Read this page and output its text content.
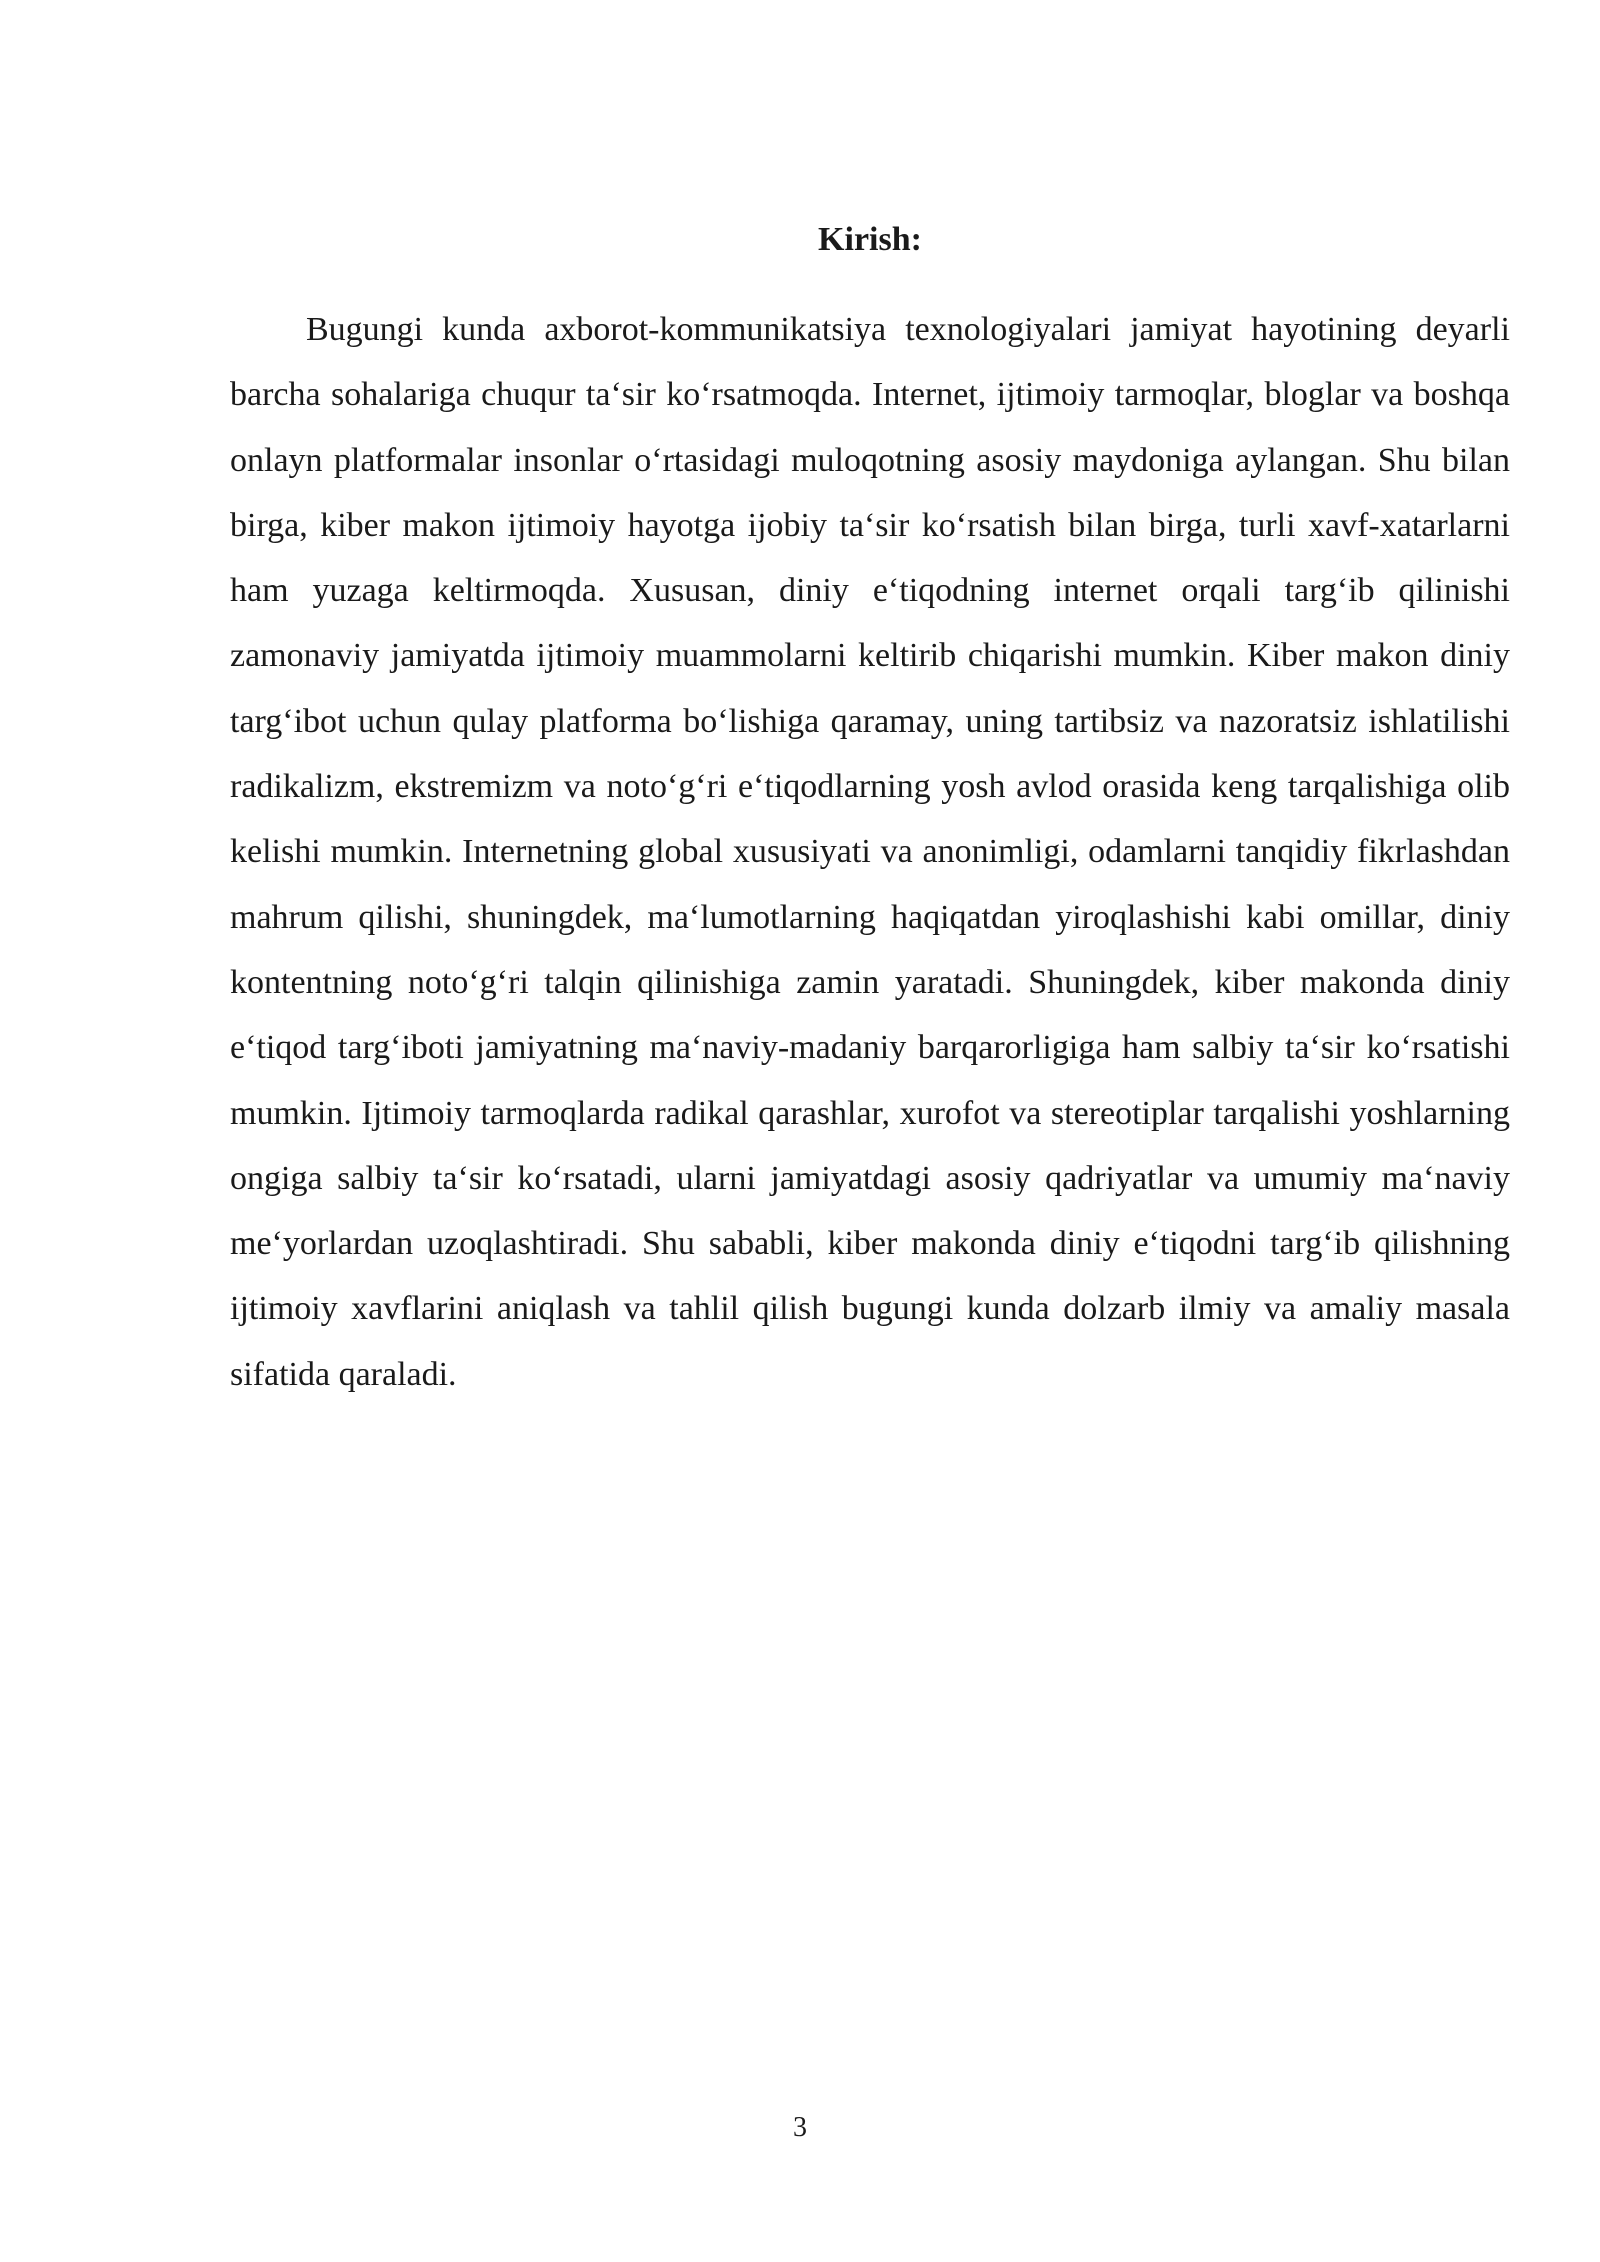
Kirish:

Bugungi kunda axborot-kommunikatsiya texnologiyalari jamiyat hayotining deyarli barcha sohalariga chuqur ta‘sir ko‘rsatmoqda. Internet, ijtimoiy tarmoqlar, bloglar va boshqa onlayn platformalar insonlar o‘rtasidagi muloqotning asosiy maydoniga aylangan. Shu bilan birga, kiber makon ijtimoiy hayotga ijobiy ta‘sir ko‘rsatish bilan birga, turli xavf-xatarlarni ham yuzaga keltirmoqda. Xususan, diniy e‘tiqodning internet orqali targ‘ib qilinishi zamonaviy jamiyatda ijtimoiy muammolarni keltirib chiqarishi mumkin. Kiber makon diniy targ‘ibot uchun qulay platforma bo‘lishiga qaramay, uning tartibsiz va nazoratsiz ishlatilishi radikalizm, ekstremizm va noto‘g‘ri e‘tiqodlarning yosh avlod orasida keng tarqalishiga olib kelishi mumkin. Internetning global xususiyati va anonimligi, odamlarni tanqidiy fikrlashdan mahrum qilishi, shuningdek, ma‘lumotlarning haqiqatdan yiroqlashishi kabi omillar, diniy kontentning noto‘g‘ri talqin qilinishiga zamin yaratadi. Shuningdek, kiber makonda diniy e‘tiqod targ‘iboti jamiyatning ma‘naviy-madaniy barqarorligiga ham salbiy ta‘sir ko‘rsatishi mumkin. Ijtimoiy tarmoqlarda radikal qarashlar, xurofot va stereotiplar tarqalishi yoshlarning ongiga salbiy ta‘sir ko‘rsatadi, ularni jamiyatdagi asosiy qadriyatlar va umumiy ma‘naviy me‘yorlardan uzoqlashtiradi. Shu sababli, kiber makonda diniy e‘tiqodni targ‘ib qilishning ijtimoiy xavflarini aniqlash va tahlil qilish bugungi kunda dolzarb ilmiy va amaliy masala sifatida qaraladi.

3
